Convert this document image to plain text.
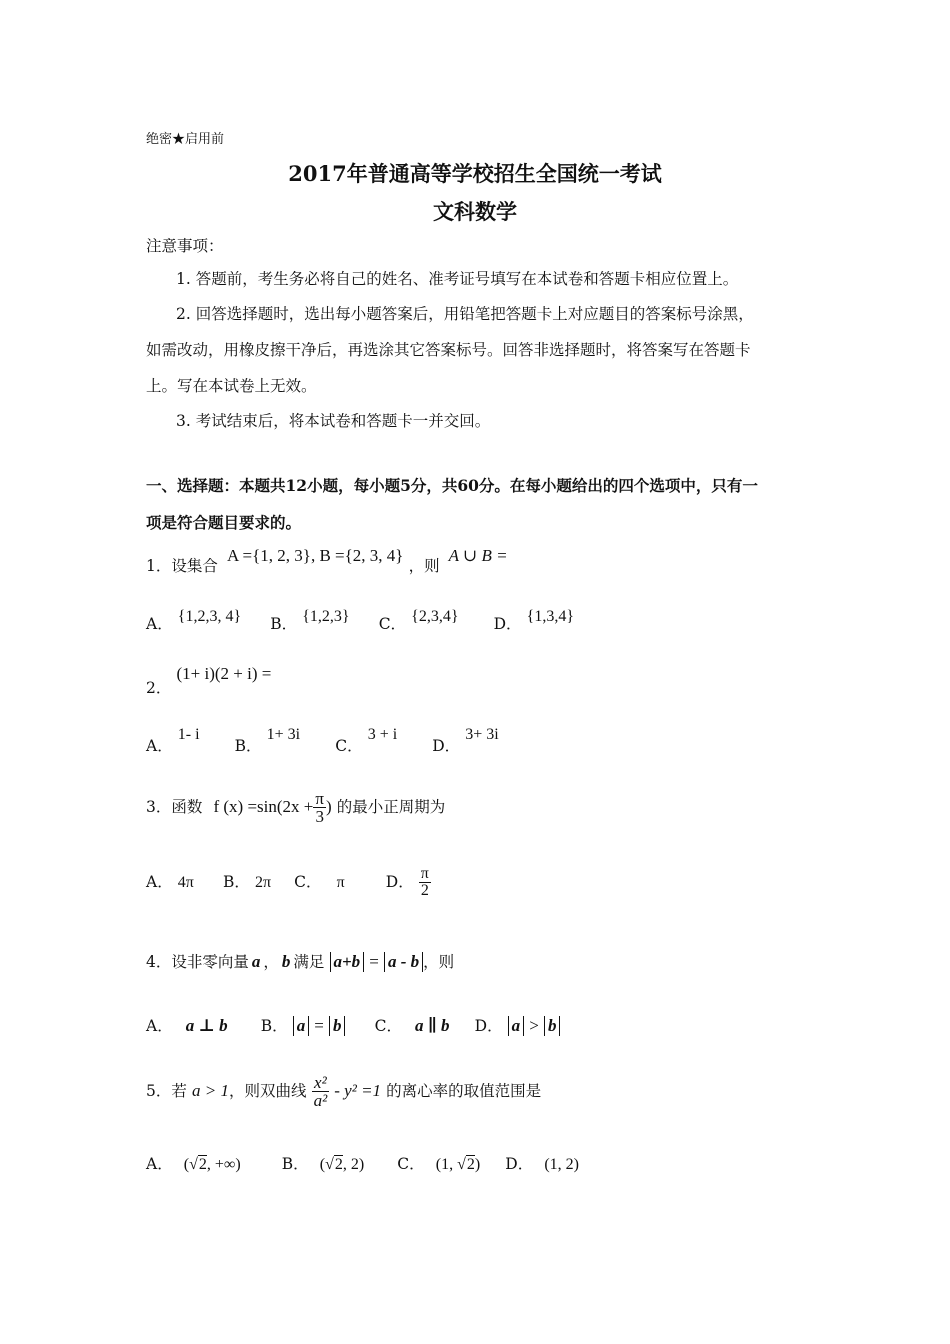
绝密★启用前
2017年普通高等学校招生全国统一考试
文科数学
注意事项：
1. 答题前，考生务必将自己的姓名、准考证号填写在本试卷和答题卡相应位置上。
2. 回答选择题时，选出每小题答案后，用铅笔把答题卡上对应题目的答案标号涂黑，
如需改动，用橡皮擦干净后，再选涂其它答案标号。回答非选择题时，将答案写在答题卡
上。写在本试卷上无效。
3. 考试结束后，将本试卷和答题卡一并交回。
一、选择题：本题共12小题，每小题5分，共60分。在每小题给出的四个选项中，只有一
项是符合题目要求的。
1．设集合 A ={1, 2, 3}, B ={2, 3, 4} ，则 A ∪ B =
A． {1,2,3, 4} B． {1,2,3} C． {2,3,4} D． {1,3,4}
2． (1+ i)(2 + i) =
A． 1- i B． 1+ 3i C． 3 + i D． 3+ 3i
3．函数 f $(x) =\sin(2x + \frac{\pi}{3}$ ) 的最小正周期为
A． 4π B． 2π C． π	D． $\frac{\pi}{2}$
4．设非零向量 a ， b 满足 a+b = a - b ，则
A． a ⊥ b B． a = b C． a ∥ b D． a > b
5．若 a > 1，则双曲线 $\frac{\text{x²}}{\text{a²}} - y^2 =1$ 的离心率的取值范围是
A． (√2, +∞)	B． (√2, 2) C． (1, √2) D． (1, 2)
